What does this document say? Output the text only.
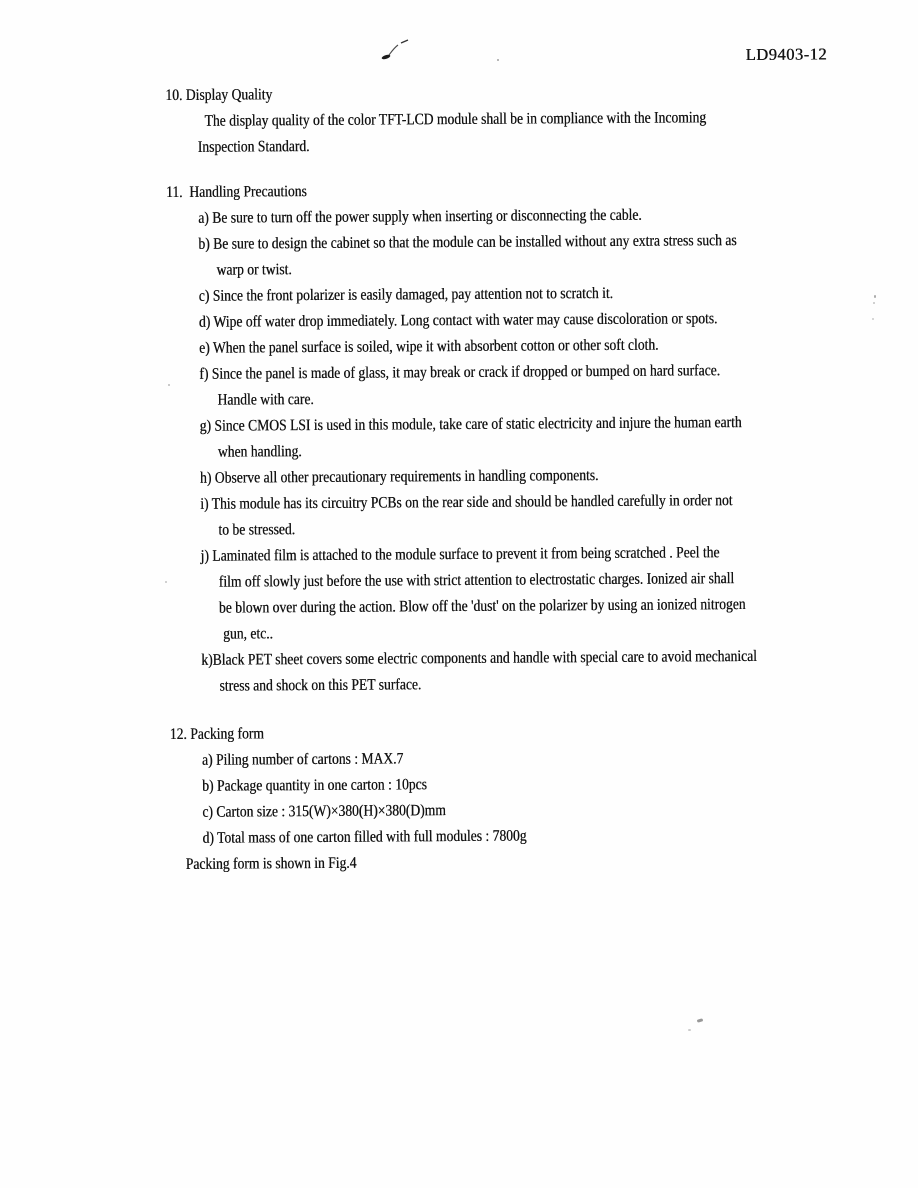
LD9403-12
10. Display Quality
The display quality of the color TFT-LCD module shall be in compliance with the Incoming
Inspection Standard.
11.  Handling Precautions
a) Be sure to turn off the power supply when inserting or disconnecting the cable.
b) Be sure to design the cabinet so that the module can be installed without any extra stress such as
warp or twist.
c) Since the front polarizer is easily damaged, pay attention not to scratch it.
d) Wipe off water drop immediately. Long contact with water may cause discoloration or spots.
e) When the panel surface is soiled, wipe it with absorbent cotton or other soft cloth.
f) Since the panel is made of glass, it may break or crack if dropped or bumped on hard surface.
Handle with care.
g) Since CMOS LSI is used in this module, take care of static electricity and injure the human earth
when handling.
h) Observe all other precautionary requirements in handling components.
i) This module has its circuitry PCBs on the rear side and should be handled carefully in order not
to be stressed.
j) Laminated film is attached to the module surface to prevent it from being scratched . Peel the
film off slowly just before the use with strict attention to electrostatic charges. Ionized air shall
be blown over during the action. Blow off the 'dust' on the polarizer by using an ionized nitrogen
gun, etc..
k)Black PET sheet covers some electric components and handle with special care to avoid mechanical
stress and shock on this PET surface.
12. Packing form
a) Piling number of cartons : MAX.7
b) Package quantity in one carton : 10pcs
c) Carton size : 315(W)×380(H)×380(D)mm
d) Total mass of one carton filled with full modules : 7800g
Packing form is shown in Fig.4
